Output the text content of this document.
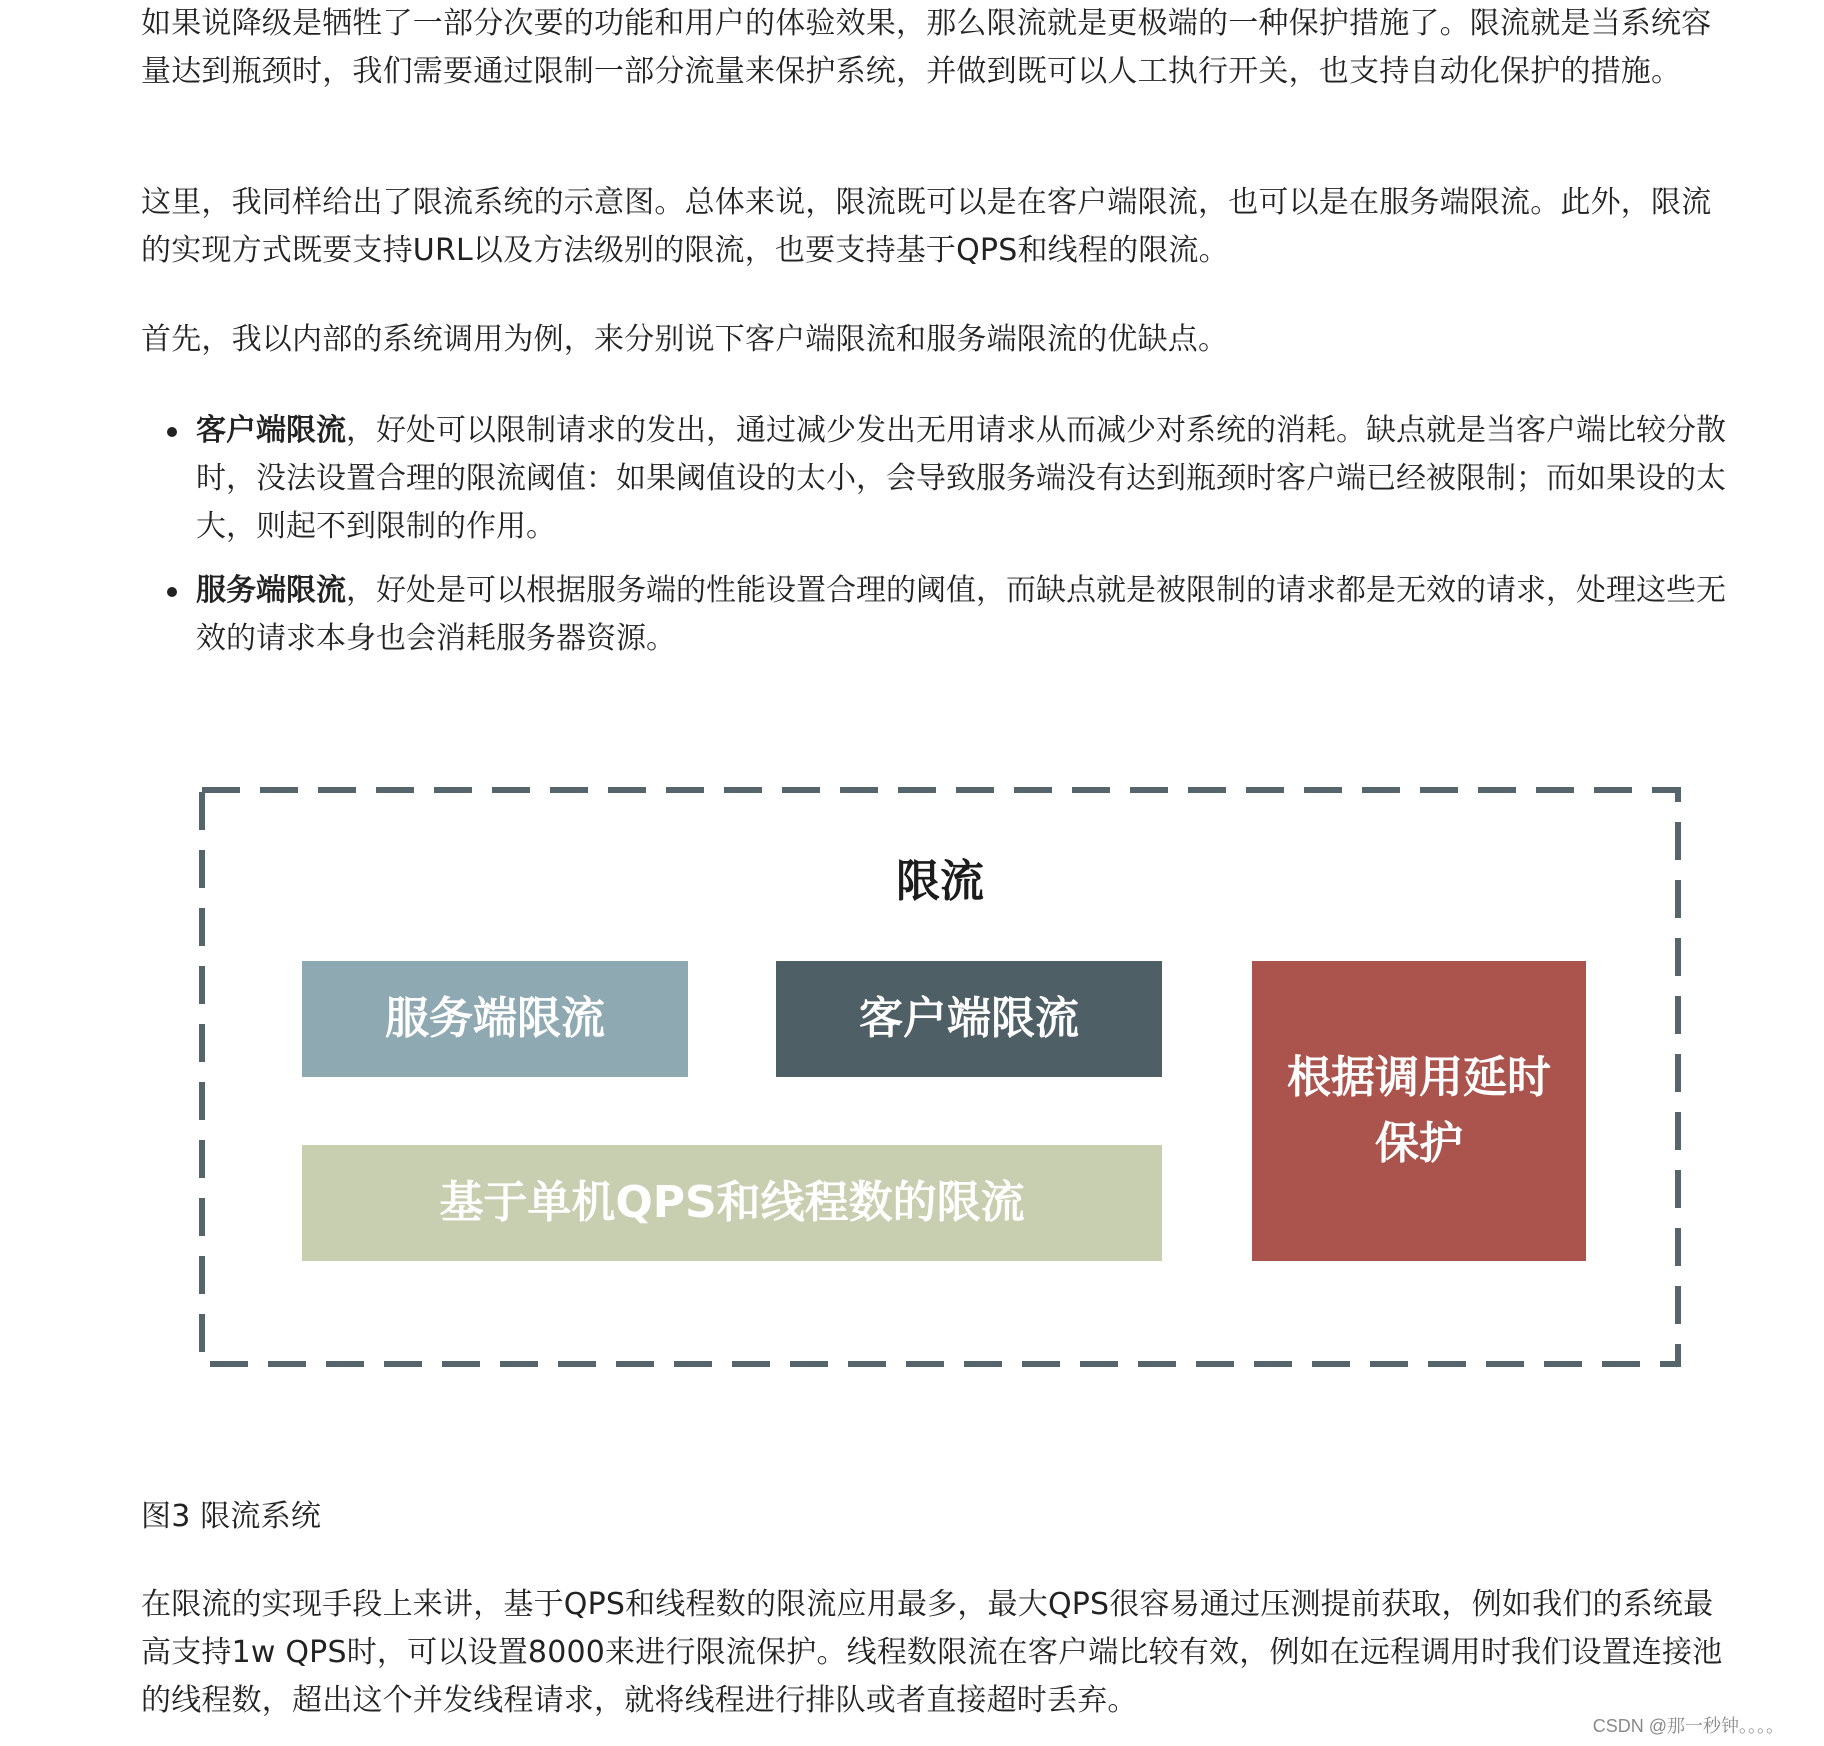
如果说降级是牺牲了一部分次要的功能和用户的体验效果，那么限流就是更极端的一种保护措施了。限流就是当系统容量达到瓶颈时，我们需要通过限制一部分流量来保护系统，并做到既可以人工执行开关，也支持自动化保护的措施。

这里，我同样给出了限流系统的示意图。总体来说，限流既可以是在客户端限流，也可以是在服务端限流。此外，限流的实现方式既要支持URL以及方法级别的限流，也要支持基于QPS和线程的限流。

首先，我以内部的系统调用为例，来分别说下客户端限流和服务端限流的优缺点。

客户端限流，好处可以限制请求的发出，通过减少发出无用请求从而减少对系统的消耗。缺点就是当客户端比较分散时，没法设置合理的限流阈值：如果阈值设的太小，会导致服务端没有达到瓶颈时客户端已经被限制；而如果设的太大，则起不到限制的作用。
服务端限流，好处是可以根据服务端的性能设置合理的阈值，而缺点就是被限制的请求都是无效的请求，处理这些无效的请求本身也会消耗服务器资源。

图3 限流系统

在限流的实现手段上来讲，基于QPS和线程数的限流应用最多，最大QPS很容易通过压测提前获取，例如我们的系统最高支持1w QPS时，可以设置8000来进行限流保护。线程数限流在客户端比较有效，例如在远程调用时我们设置连接池的线程数，超出这个并发线程请求，就将线程进行排队或者直接超时丢弃。

限流
服务端限流	客户端限流
基于单机QPS和线程数的限流
根据调用延时保护
CSDN @那一秒钟。。。。
